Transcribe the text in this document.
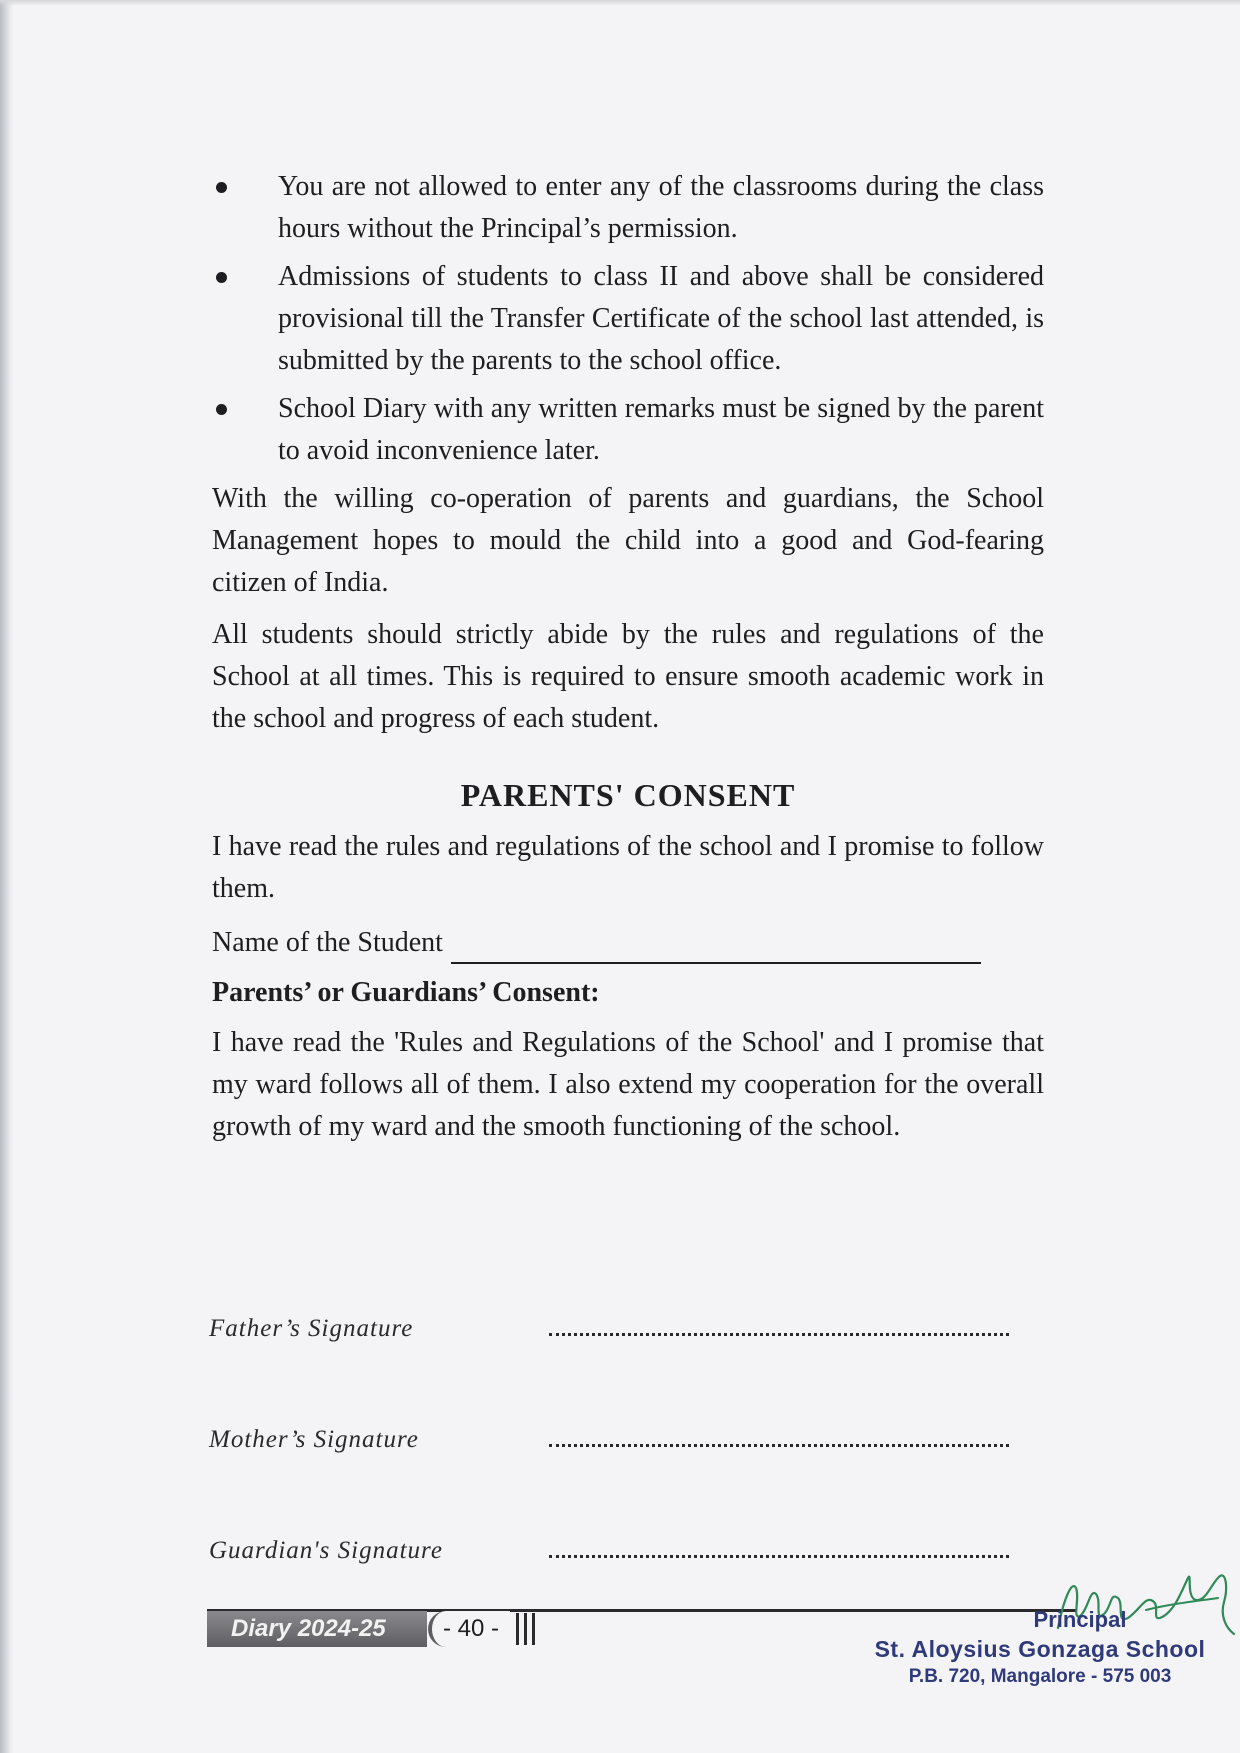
You are not allowed to enter any of the classrooms during the class hours without the Principal’s permission.
Admissions of students to class II and above shall be considered provisional till the Transfer Certificate of the school last attended, is submitted by the parents to the school office.
School Diary with any written remarks must be signed by the parent to avoid inconvenience later.

With the willing co-operation of parents and guardians, the School Management hopes to mould the child into a good and God-fearing citizen of India.

All students should strictly abide by the rules and regulations of the School at all times. This is required to ensure smooth academic work in the school and progress of each student.

PARENTS' CONSENT

I have read the rules and regulations of the school and I promise to follow them.

Name of the Student
Parents’ or Guardians’ Consent:

I have read the 'Rules and Regulations of the School' and I promise that my ward follows all of them. I also extend my cooperation for the overall growth of my ward and the smooth functioning of the school.

Father’s Signature
Mother’s Signature
Guardian's Signature
Diary 2024-25	- 40 -	Principal
St. Aloysius Gonzaga School
P.B. 720, Mangalore - 575 003
